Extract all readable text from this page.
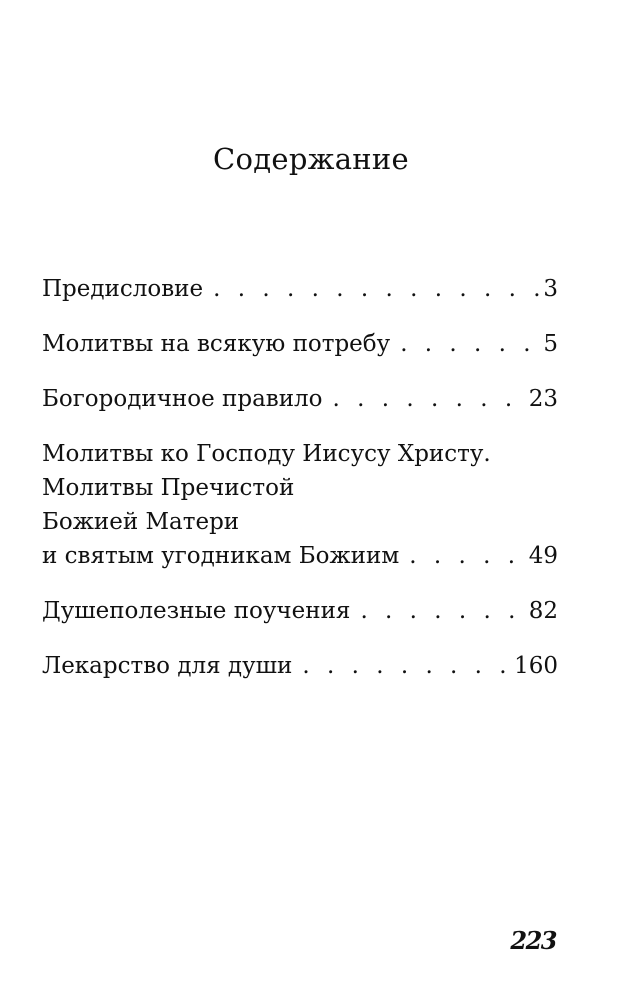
Содержание
Предисловие . . .	3
Молитвы на всякую потребу . . .	5
Богородичное правило . . .	23
Молитвы ко Господу Иисусу Христу.
Молитвы Пречистой
Божией Матери
и святым угодникам Божиим . . .	49
Душеполезные поучения . . .	82
Лекарство для души . . .	160
223
